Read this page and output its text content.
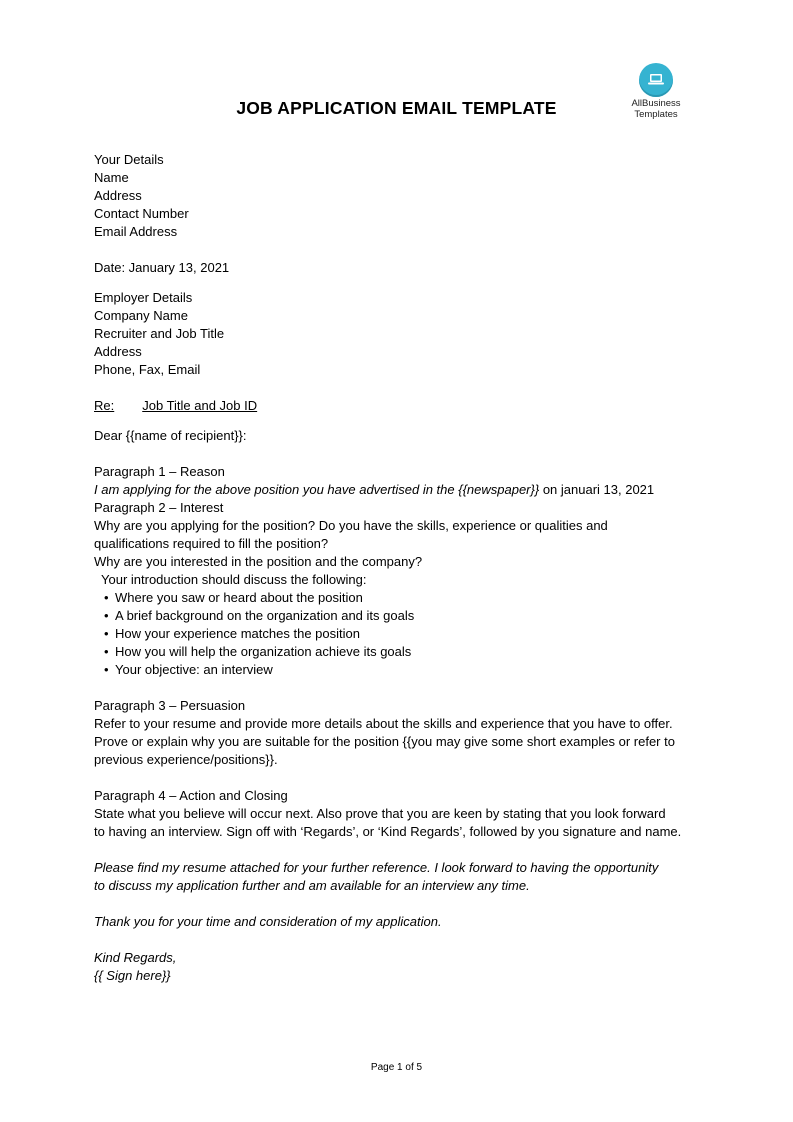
AllBusiness
Templates
JOB APPLICATION EMAIL TEMPLATE
Your Details
Name
Address
Contact Number
Email Address
Date: January 13, 2021
Employer Details
Company Name
Recruiter and Job Title
Address
Phone, Fax, Email
Re: Job Title and Job ID
Dear {{name of recipient}}:
Paragraph 1 – Reason
I am applying for the above position you have advertised in the {{newspaper}} on januari 13, 2021
Paragraph 2 – Interest
Why are you applying for the position? Do you have the skills, experience or qualities and
qualifications required to fill the position?
Why are you interested in the position and the company?
Your introduction should discuss the following:
• Where you saw or heard about the position
• A brief background on the organization and its goals
• How your experience matches the position
• How you will help the organization achieve its goals
• Your objective: an interview
Paragraph 3 – Persuasion
Refer to your resume and provide more details about the skills and experience that you have to offer.
Prove or explain why you are suitable for the position {{you may give some short examples or refer to
previous experience/positions}}.
Paragraph 4 – Action and Closing
State what you believe will occur next. Also prove that you are keen by stating that you look forward
to having an interview. Sign off with ‘Regards’, or ‘Kind Regards’, followed by you signature and name.
Please find my resume attached for your further reference. I look forward to having the opportunity
to discuss my application further and am available for an interview any time.
Thank you for your time and consideration of my application.
Kind Regards,
{{ Sign here}}
Page 1 of 5
